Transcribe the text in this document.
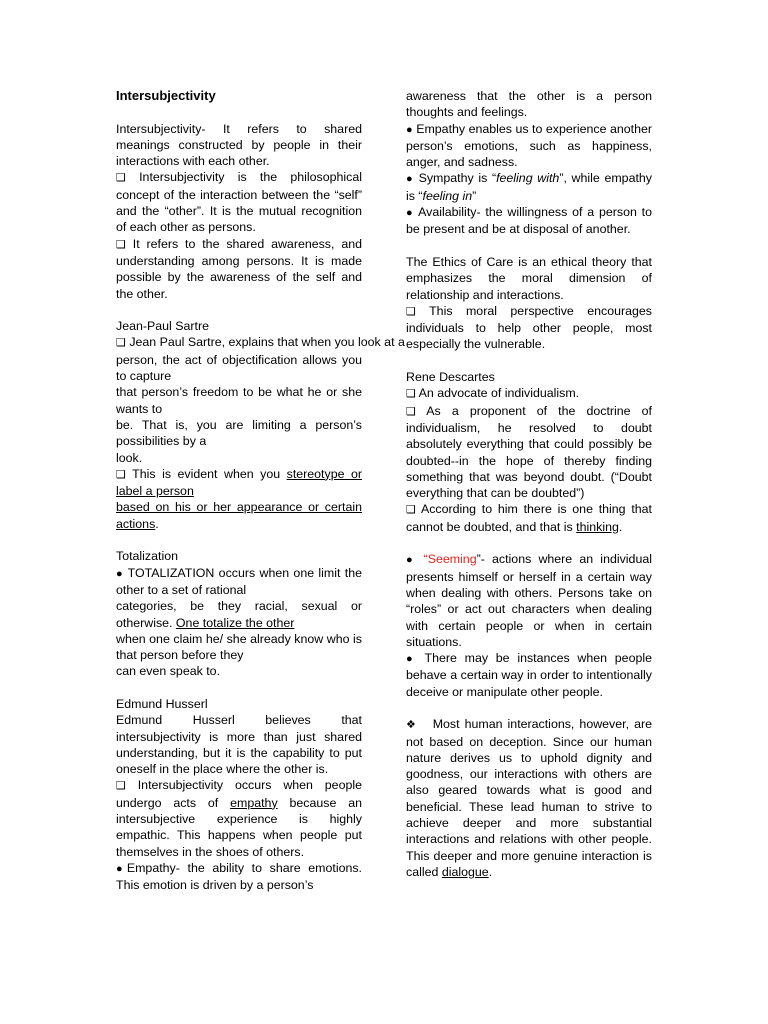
Intersubjectivity

Intersubjectivity- It refers to shared meanings constructed by people in their interactions with each other.

❑ Intersubjectivity is the philosophical concept of the interaction between the “self” and the “other”. It is the mutual recognition of each other as persons.

❑ It refers to the shared awareness, and understanding among persons. It is made possible by the awareness of the self and the other.

Jean-Paul Sartre

❑ Jean Paul Sartre, explains that when you look at a

person, the act of objectification allows you to capture

that person’s freedom to be what he or she wants to

be. That is, you are limiting a person’s possibilities by a

look.

❑ This is evident when you stereotype or label a person
based on his or her appearance or certain actions.

Totalization

● TOTALIZATION occurs when one limit the other to a set of rational

categories, be they racial, sexual or otherwise. One totalize the other

when one claim he/ she already know who is that person before they

can even speak to.

Edmund Husserl

Edmund Husserl believes that intersubjectivity is more than just shared understanding, but it is the capability to put oneself in the place where the other is.

❑ Intersubjectivity occurs when people undergo acts of empathy because an intersubjective experience is highly empathic. This happens when people put themselves in the shoes of others.

●Empathy- the ability to share emotions. This emotion is driven by a person’s

awareness that the other is a person thoughts and feelings.

● Empathy enables us to experience another person’s emotions, such as happiness, anger, and sadness.

● Sympathy is “feeling with”, while empathy is “feeling in”

● Availability- the willingness of a person to be present and be at disposal of another.

The Ethics of Care is an ethical theory that emphasizes the moral dimension of relationship and interactions.

❑ This moral perspective encourages individuals to help other people, most especially the vulnerable.

Rene Descartes

❑ An advocate of individualism.

❑ As a proponent of the doctrine of individualism, he resolved to doubt absolutely everything that could possibly be doubted--in the hope of thereby finding something that was beyond doubt. (“Doubt everything that can be doubted”)

❑ According to him there is one thing that cannot be doubted, and that is thinking.

● “Seeming”- actions where an individual presents himself or herself in a certain way when dealing with others. Persons take on “roles” or act out characters when dealing with certain people or when in certain situations.

● There may be instances when people behave a certain way in order to intentionally deceive or manipulate other people.

❖ Most human interactions, however, are not based on deception. Since our human nature derives us to uphold dignity and goodness, our interactions with others are also geared towards what is good and beneficial. These lead human to strive to achieve deeper and more substantial interactions and relations with other people. This deeper and more genuine interaction is called dialogue.
